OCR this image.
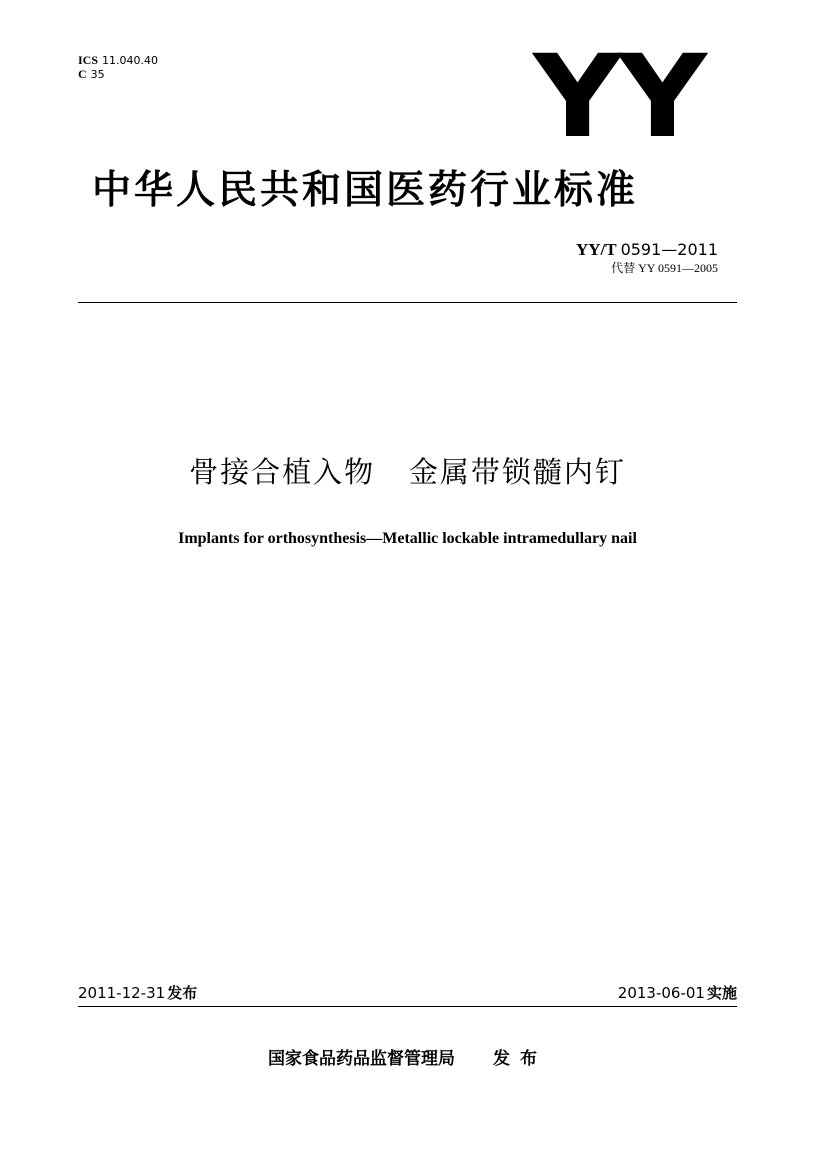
ICS 11.040.40
C 35	YY
中华人民共和国医药行业标准
YY/T 0591—2011
代替 YY 0591—2005
骨接合植入物   金属带锁髓内钉
Implants for orthosynthesis—Metallic lockable intramedullary nail
2011-12-31 发布	2013-06-01 实施
国家食品药品监督管理局 发布
